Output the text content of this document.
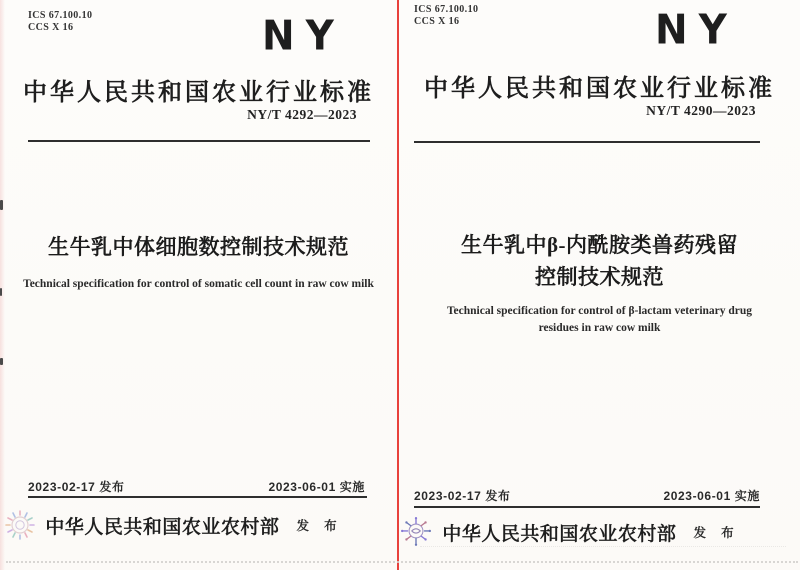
ICS 67.100.10
CCS X 16	NY
中华人民共和国农业行业标准
NY/T 4292—2023
生牛乳中体细胞数控制技术规范
Technical specification for control of somatic cell count in raw cow milk
2023-02-17 发布	2023-06-01 实施
中华人民共和国农业农村部 发 布
ICS 67.100.10
CCS X 16	NY
中华人民共和国农业行业标准
NY/T 4290—2023
生牛乳中β-内酰胺类兽药残留
控制技术规范
Technical specification for control of β-lactam veterinary drug
residues in raw cow milk
2023-02-17 发布	2023-06-01 实施
中华人民共和国农业农村部 发 布
